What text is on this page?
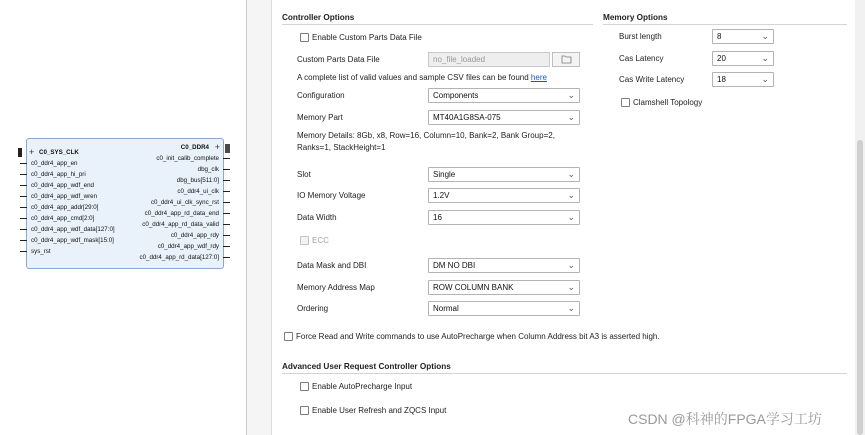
+ C0_SYS_CLK
C0_DDR4 +
c0_ddr4_app_en
c0_ddr4_app_hi_pri
c0_ddr4_app_wdf_end
c0_ddr4_app_wdf_wren
c0_ddr4_app_addr[29:0]
c0_ddr4_app_cmd[2:0]
c0_ddr4_app_wdf_data[127:0]
c0_ddr4_app_wdf_mask[15:0]
sys_rst
c0_init_calib_complete
dbg_clk
dbg_bus[511:0]
c0_ddr4_ui_clk
c0_ddr4_ui_clk_sync_rst
c0_ddr4_app_rd_data_end
c0_ddr4_app_rd_data_valid
c0_ddr4_app_rdy
c0_ddr4_app_wdf_rdy
c0_ddr4_app_rd_data[127:0]
Controller Options
Enable Custom Parts Data File
Custom Parts Data File	no_file_loaded
A complete list of valid values and sample CSV files can be found here
Configuration	Components	⌄
Memory Part	MT40A1G8SA-075	⌄
Memory Details: 8Gb, x8, Row=16, Column=10, Bank=2, Bank Group=2,
Ranks=1, StackHeight=1
Slot	Single	⌄
IO Memory Voltage	1.2V	⌄
Data Width	16	⌄
ECC
Data Mask and DBI	DM NO DBI	⌄
Memory Address Map	ROW COLUMN BANK	⌄
Ordering	Normal	⌄
Force Read and Write commands to use AutoPrecharge when Column Address bit A3 is asserted high.
Memory Options
Burst length	8	⌄
Cas Latency	20	⌄
Cas Write Latency	18	⌄
Clamshell Topology
Advanced User Request Controller Options
Enable AutoPrecharge Input
Enable User Refresh and ZQCS Input
CSDN @科神的FPGA学习工坊
